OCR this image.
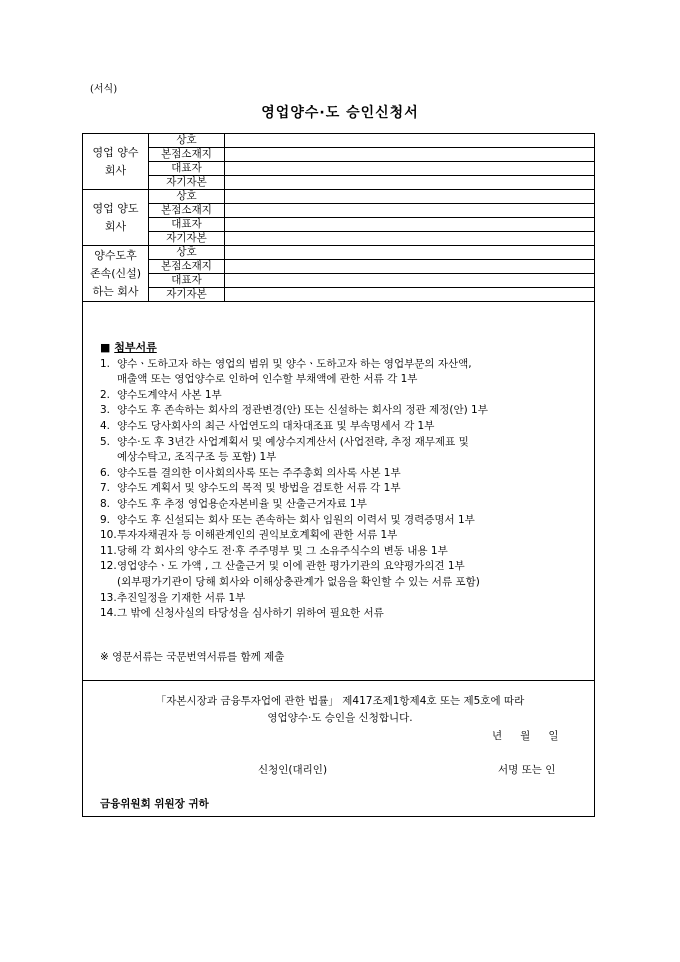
(서식)
영업양수·도 승인신청서
영업 양수
회사	상호	
	본점소재지	
	대표자	
	자기자본	

영업 양도
회사	상호	
	본점소재지	
	대표자	
	자기자본	

양수도후
존속(신설)
하는 회사	상호	
	본점소재지	
	대표자	
	자기자본	
■ 첨부서류
1. 양수ㆍ도하고자 하는 영업의 범위 및 양수ㆍ도하고자 하는 영업부문의 자산액,
매출액 또는 영업양수로 인하여 인수할 부채액에 관한 서류 각 1부
2. 양수도계약서 사본 1부
3. 양수도 후 존속하는 회사의 정관변경(안) 또는 신설하는 회사의 정관 제정(안) 1부
4. 양수도 당사회사의 최근 사업연도의 대차대조표 및 부속명세서 각 1부
5. 양수·도 후 3년간 사업계획서 및 예상수지계산서 (사업전략, 추정 재무제표 및
예상수탁고, 조직구조 등 포함) 1부
6. 양수도를 결의한 이사회의사록 또는 주주총회 의사록 사본 1부
7. 양수도 계획서 및 양수도의 목적 및 방법을 검토한 서류 각 1부
8. 양수도 후 추정 영업용순자본비율 및 산출근거자료 1부
9. 양수도 후 신설되는 회사 또는 존속하는 회사 임원의 이력서 및 경력증명서 1부
10. 투자자채권자 등 이해관계인의 권익보호계획에 관한 서류 1부
11. 당해 각 회사의 양수도 전·후 주주명부 및 그 소유주식수의 변동 내용 1부
12. 영업양수ㆍ도 가액 , 그 산출근거 및 이에 관한 평가기관의 요약평가의견 1부
(외부평가기관이 당해 회사와 이해상충관계가 없음을 확인할 수 있는 서류 포함)
13. 추진일정을 기재한 서류 1부
14. 그 밖에 신청사실의 타당성을 심사하기 위하여 필요한 서류
※ 영문서류는 국문번역서류를 함께 제출
「자본시장과 금융투자업에 관한 법률」 제417조제1항제4호 또는 제5호에 따라
영업양수·도 승인을 신청합니다.
년 월 일
신청인(대리인)	서명 또는 인
금융위원회 위원장 귀하
